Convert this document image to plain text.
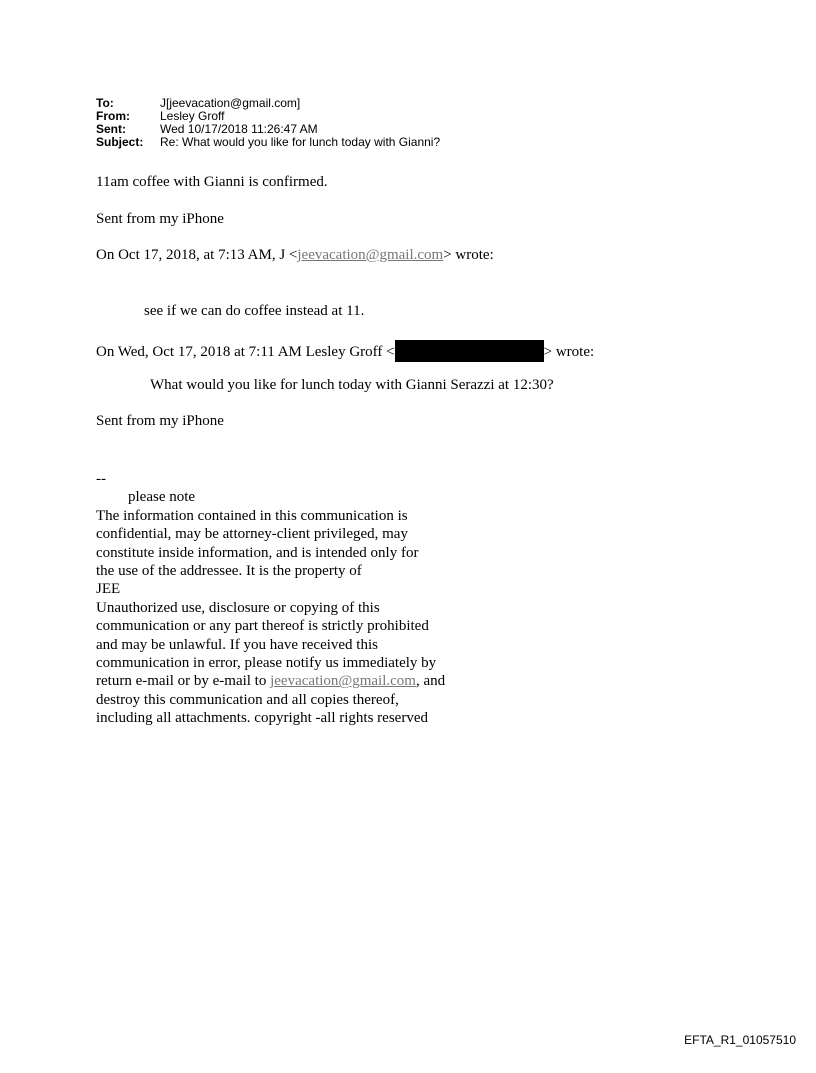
To:	J[jeevacation@gmail.com]
From:	Lesley Groff
Sent:	Wed 10/17/2018 11:26:47 AM
Subject:	Re: What would you like for lunch today with Gianni?

11am coffee with Gianni is confirmed.

Sent from my iPhone

On Oct 17, 2018, at 7:13 AM, J <jeevacation@gmail.com> wrote:

see if we can do coffee instead at 11.

On Wed, Oct 17, 2018 at 7:11 AM Lesley Groff <	> wrote:

What would you like for lunch today with Gianni Serazzi at 12:30?

Sent from my iPhone

--
please note
The information contained in this communication is
confidential, may be attorney-client privileged, may
constitute inside information, and is intended only for
the use of the addressee. It is the property of
JEE
Unauthorized use, disclosure or copying of this
communication or any part thereof is strictly prohibited
and may be unlawful. If you have received this
communication in error, please notify us immediately by
return e-mail or by e-mail to jeevacation@gmail.com, and
destroy this communication and all copies thereof,
including all attachments. copyright -all rights reserved
EFTA_R1_01057510
